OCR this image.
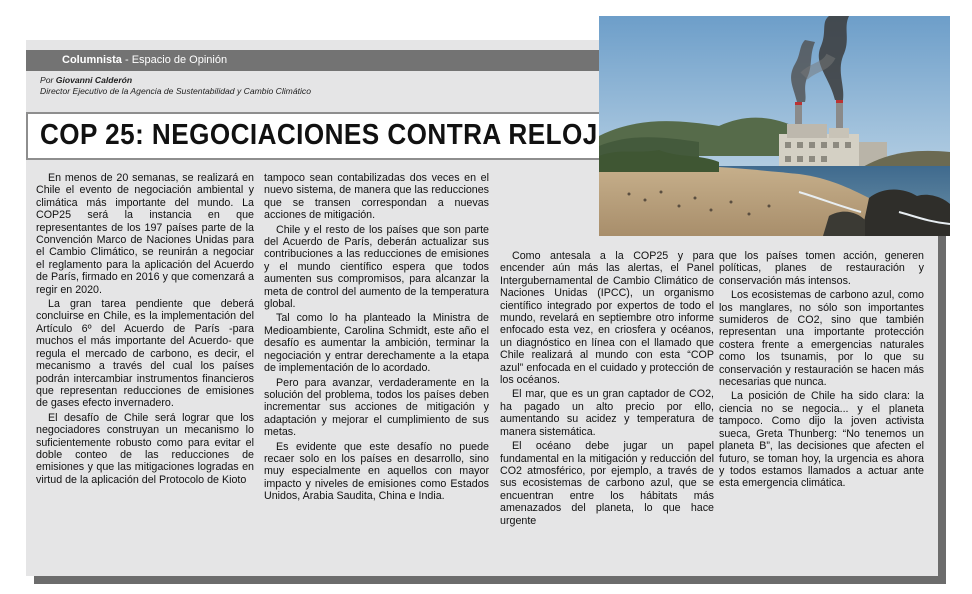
Columnista - Espacio de Opinión
Por Giovanni Calderón
Director Ejecutivo de la Agencia de Sustentabilidad y Cambio Climático
COP 25: NEGOCIACIONES CONTRA RELOJ

En menos de 20 semanas, se realizará en Chile el evento de negociación ambiental y climática más importante del mundo. La COP25 será la instancia en que representantes de los 197 países parte de la Convención Marco de Naciones Unidas para el Cambio Climático, se reunirán a negociar el reglamento para la aplicación del Acuerdo de París, firmado en 2016 y que comenzará a regir en 2020.

La gran tarea pendiente que deberá concluirse en Chile, es la implementación del Artículo 6º del Acuerdo de París -para muchos el más importante del Acuerdo- que regula el mercado de carbono, es decir, el mecanismo a través del cual los países podrán intercambiar instrumentos financieros que representan reducciones de emisiones de gases efecto invernadero.

El desafío de Chile será lograr que los negociadores construyan un mecanismo lo suficientemente robusto como para evitar el doble conteo de las reducciones de emisiones y que las mitigaciones logradas en virtud de la aplicación del Protocolo de Kioto

tampoco sean contabilizadas dos veces en el nuevo sistema, de manera que las reducciones que se transen correspondan a nuevas acciones de mitigación.

Chile y el resto de los países que son parte del Acuerdo de París, deberán actualizar sus contribuciones a las reducciones de emisiones y el mundo científico espera que todos aumenten sus compromisos, para alcanzar la meta de control del aumento de la temperatura global.

Tal como lo ha planteado la Ministra de Medioambiente, Carolina Schmidt, este año el desafío es aumentar la ambición, terminar la negociación y entrar derechamente a la etapa de implementación de lo acordado.

Pero para avanzar, verdaderamente en la solución del problema, todos los países deben incrementar sus acciones de mitigación y adaptación y mejorar el cumplimiento de sus metas.

Es evidente que este desafío no puede recaer solo en los países en desarrollo, sino muy especialmente en aquellos con mayor impacto y niveles de emisiones como Estados Unidos, Arabia Saudita, China e India.

Como antesala a la COP25 y para encender aún más las alertas, el Panel Intergubernamental de Cambio Climático de Naciones Unidas (IPCC), un organismo científico integrado por expertos de todo el mundo, revelará en septiembre otro informe enfocado esta vez, en criosfera y océanos, un diagnóstico en línea con el llamado que Chile realizará al mundo con esta “COP azul” enfocada en el cuidado y protección de los océanos.

El mar, que es un gran captador de CO2, ha pagado un alto precio por ello, aumentando su acidez y temperatura de manera sistemática.

El océano debe jugar un papel fundamental en la mitigación y reducción del CO2 atmosférico, por ejemplo, a través de sus ecosistemas de carbono azul, que se encuentran entre los hábitats más amenazados del planeta, lo que hace urgente

que los países tomen acción, generen políticas, planes de restauración y conservación más intensos.

Los ecosistemas de carbono azul, como los manglares, no sólo son importantes sumideros de CO2, sino que también representan una importante protección costera frente a emergencias naturales como los tsunamis, por lo que su conservación y restauración se hacen más necesarias que nunca.

La posición de Chile ha sido clara: la ciencia no se negocia... y el planeta tampoco. Como dijo la joven activista sueca, Greta Thunberg: “No tenemos un planeta B”, las decisiones que afecten el futuro, se toman hoy, la urgencia es ahora y todos estamos llamados a actuar ante esta emergencia climática.
